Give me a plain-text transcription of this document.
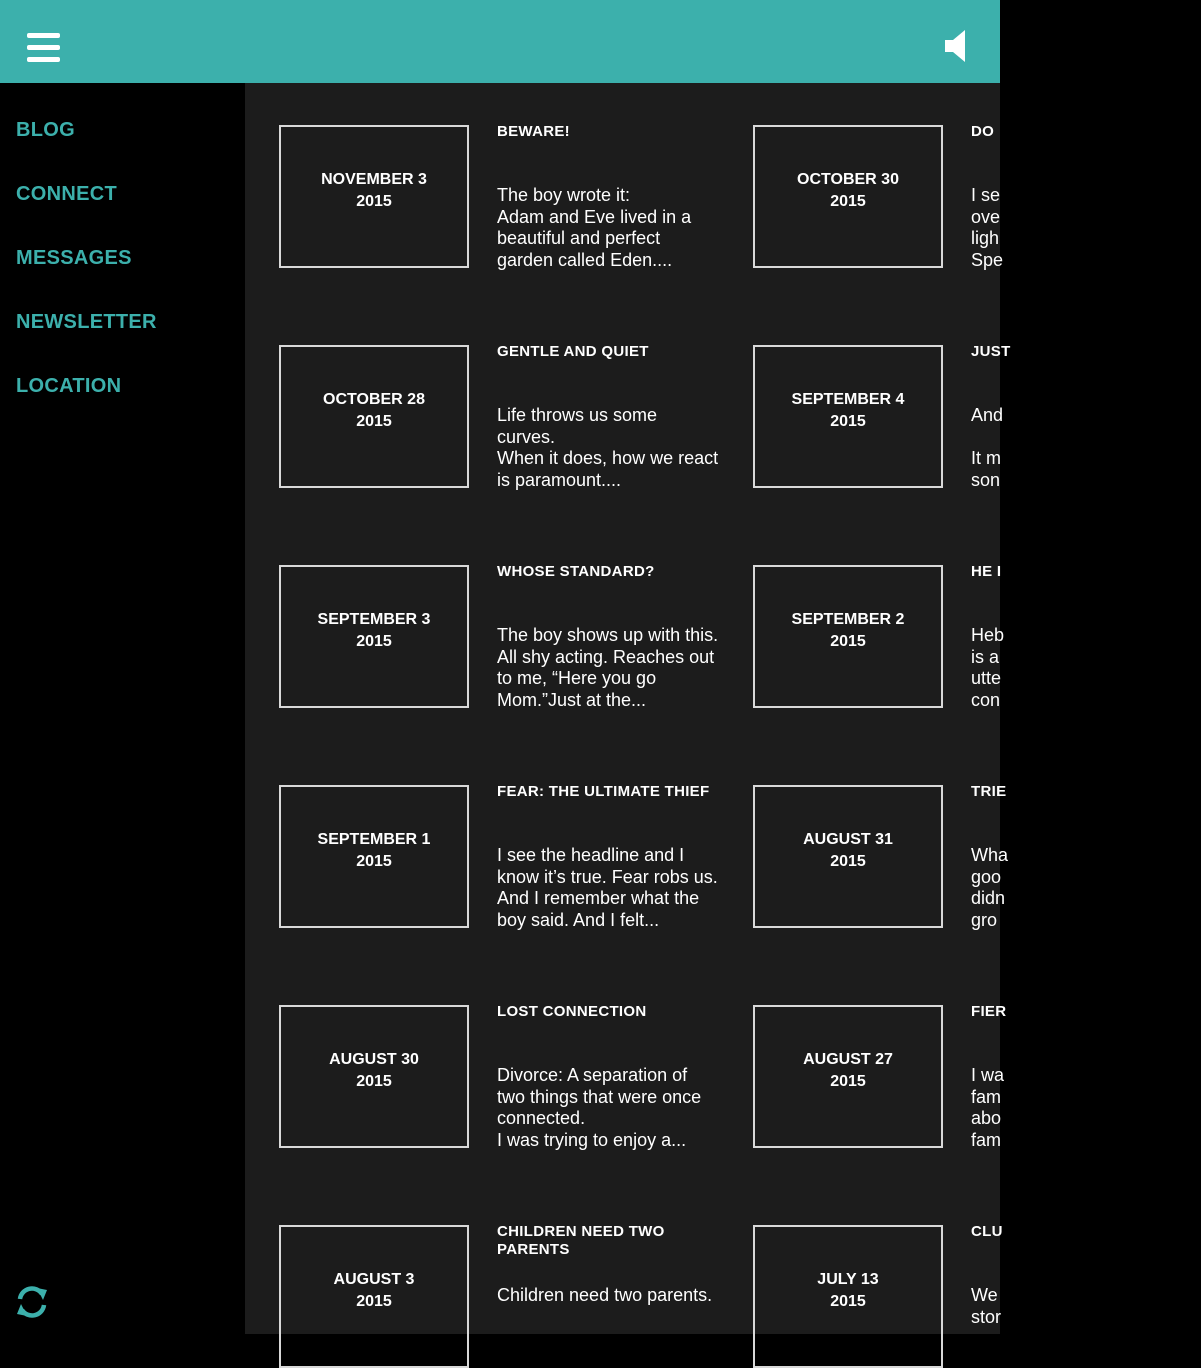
BLOG
CONNECT
MESSAGES
NEWSLETTER
LOCATION
NOVEMBER 3
2015
BEWARE!
The boy wrote it:
Adam and Eve lived in a beautiful and perfect garden called Eden....
OCTOBER 30
2015
DO
I se
ove
ligh
Spe
OCTOBER 28
2015
GENTLE AND QUIET
Life throws us some curves.
When it does, how we react is paramount....
SEPTEMBER 4
2015
JUST
And

It m
son
SEPTEMBER 3
2015
WHOSE STANDARD?
The boy shows up with this. All shy acting. Reaches out to me, “Here you go Mom.”Just at the...
SEPTEMBER 2
2015
HE I
Heb
is a
utte
con
SEPTEMBER 1
2015
FEAR: THE ULTIMATE THIEF
I see the headline and I know it’s true. Fear robs us. And I remember what the boy said. And I felt...
AUGUST 31
2015
TRIE
Wha
goo
didn
gro
AUGUST 30
2015
LOST CONNECTION
Divorce: A separation of two things that were once connected.
I was trying to enjoy a...
AUGUST 27
2015
FIER
I wa
fam
abo
fam
AUGUST 3
2015
CHILDREN NEED TWO PARENTS
Children need two parents.
JULY 13
2015
CLU
We
stor
